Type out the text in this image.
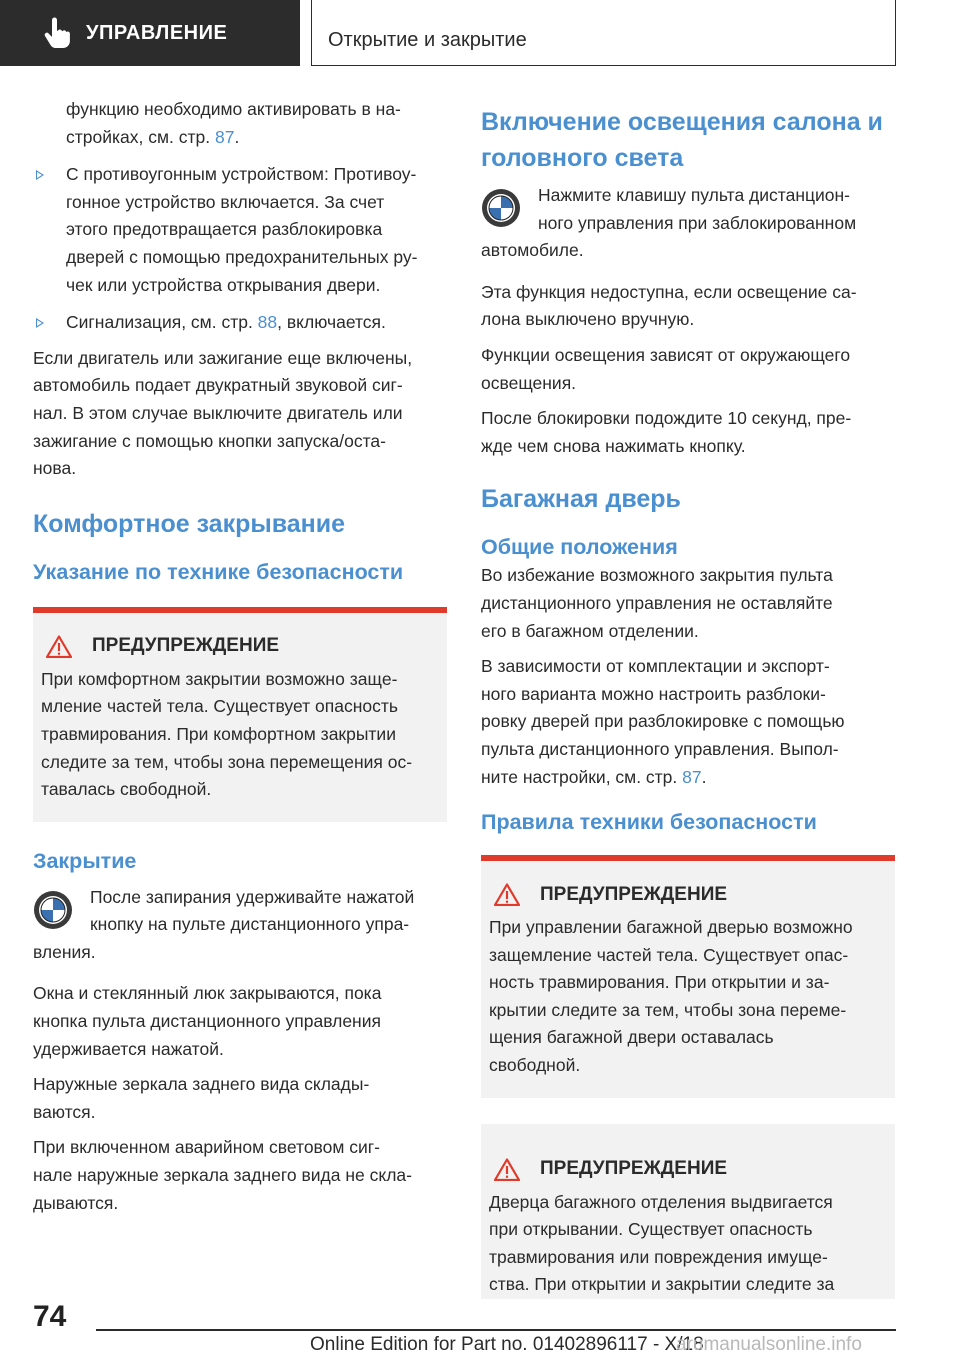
УПРАВЛЕНИЕ	Открытие и закрытие

функцию необходимо активировать в на-
стройках, см. стр. 87.

С противоугонным устройством: Противоу-
гонное устройство включается. За счет
этого предотвращается разблокировка
дверей с помощью предохранительных ру-
чек или устройства открывания двери.
Сигнализация, см. стр. 88, включается.

Если двигатель или зажигание еще включены,
автомобиль подает двукратный звуковой сиг-
нал. В этом случае выключите двигатель или
зажигание с помощью кнопки запуска/оста-
нова.

Комфортное закрывание
Указание по технике безопасности
ПРЕДУПРЕЖДЕНИЕ

При комфортном закрытии возможно защe-
мление частей тела. Существует опасность
травмирования. При комфортном закрытии
следите за тем, чтобы зона перемещения ос-
тавалась свободной.

Закрытие

После запирания удерживайте нажатой
кнопку на пульте дистанционного упра-
вления.

Окна и стеклянный люк закрываются, пока
кнопка пульта дистанционного управления
удерживается нажатой.

Наружные зеркала заднего вида склады-
ваются.

При включенном аварийном световом сиг-
нале наружные зеркала заднего вида не скла-
дываются.

Включение освещения салона и
головного света

Нажмите клавишу пульта дистанцион-
ного управления при заблокированном
автомобиле.

Эта функция недоступна, если освещение са-
лона выключено вручную.

Функции освещения зависят от окружающего
освещения.

После блокировки подождите 10 секунд, пре-
жде чем снова нажимать кнопку.

Багажная дверь
Общие положения

Во избежание возможного закрытия пульта
дистанционного управления не оставляйте
его в багажном отделении.

В зависимости от комплектации и экспорт-
ного варианта можно настроить разблоки-
ровку дверей при разблокировке с помощью
пульта дистанционного управления. Выпол-
ните настройки, см. стр. 87.

Правила техники безопасности
ПРЕДУПРЕЖДЕНИЕ

При управлении багажной дверью возможно
защемление частей тела. Существует опас-
ность травмирования. При открытии и за-
крытии следите за тем, чтобы зона переме-
щения багажной двери оставалась
свободной.

ПРЕДУПРЕЖДЕНИЕ

Дверца багажного отделения выдвигается
при открывании. Существует опасность
травмирования или повреждения имуще-
ства. При открытии и закрытии следите за

74
Online Edition for Part no. 01402896117 - X/18
arumanualsonline.info
